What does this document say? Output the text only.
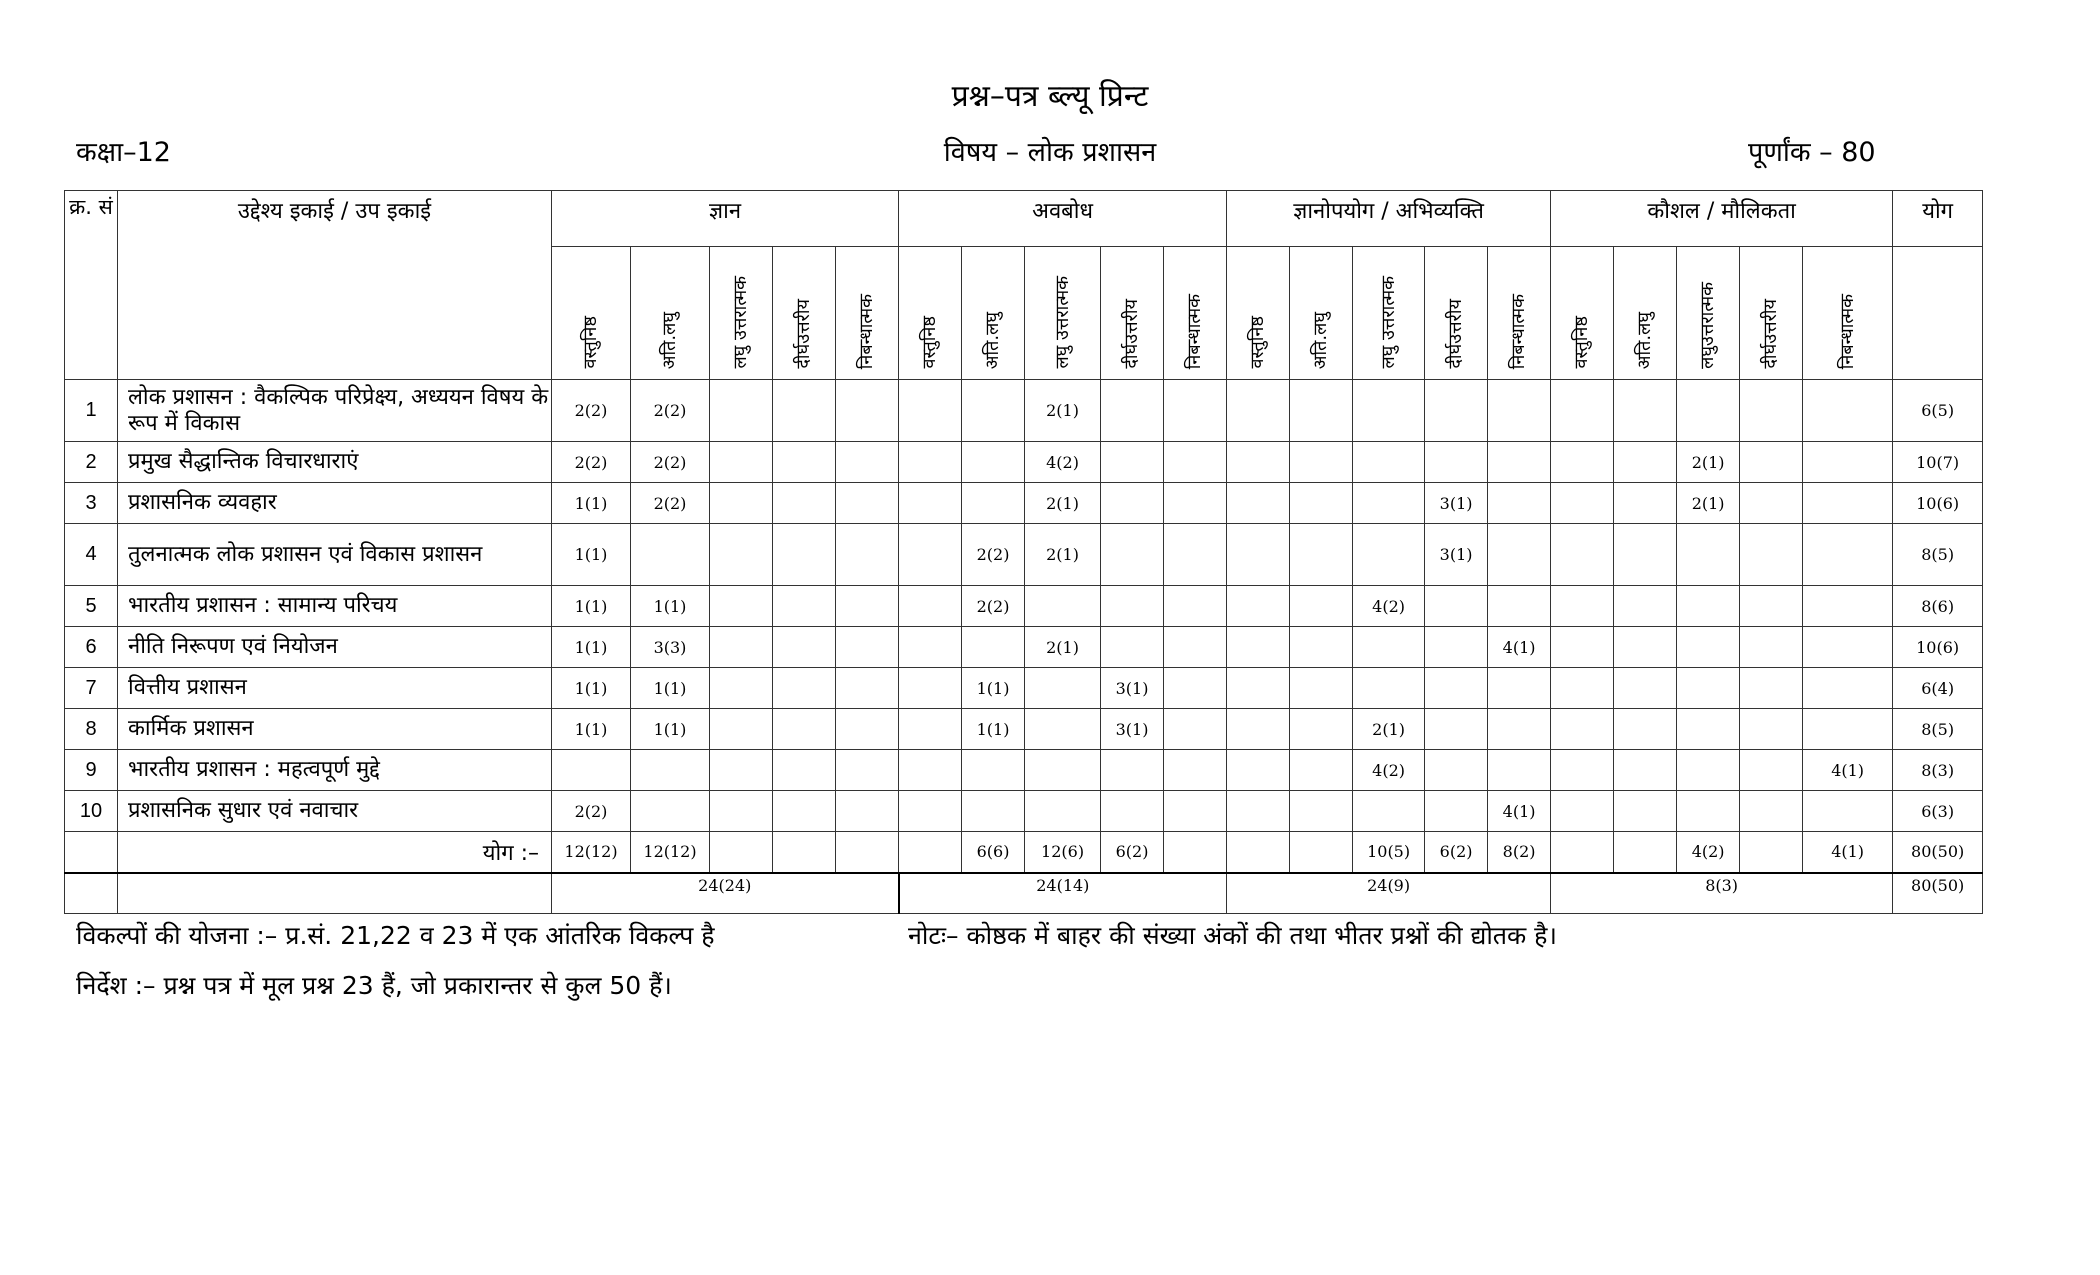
प्रश्न–पत्र ब्ल्यू प्रिन्ट
कक्षा–12	विषय – लोक प्रशासन	पूर्णांक – 80
क्र. सं	उद्देश्य इकाई / उप इकाई	ज्ञान					अवबोध					ज्ञानोपयोग / अभिव्यक्ति					कौशल / मौलिकता					योग
		वस्तुनिष्ठ	अति.लघु	लघु उत्तरात्मक	दीर्घउत्तरीय	निबन्धात्मक	वस्तुनिष्ठ	अति.लघु	लघु उत्तरात्मक	दीर्घउत्तरीय	निबन्धात्मक	वस्तुनिष्ठ	अति.लघु	लघु उत्तरात्मक	दीर्घउत्तरीय	निबन्धात्मक	वस्तुनिष्ठ	अति.लघु	लघुउत्तरात्मक	दीर्घउत्तरीय	निबन्धात्मक	
1	लोक प्रशासन : वैकल्पिक परिप्रेक्ष्य, अध्ययन विषय के रूप में विकास	2(2)	2(2)						2(1)													6(5)
2	प्रमुख सैद्धान्तिक विचारधाराएं	2(2)	2(2)						4(2)										2(1)			10(7)
3	प्रशासनिक व्यवहार	1(1)	2(2)						2(1)						3(1)				2(1)			10(6)
4	तुलनात्मक लोक प्रशासन एवं विकास प्रशासन	1(1)						2(2)	2(1)						3(1)							8(5)
5	भारतीय प्रशासन : सामान्य परिचय	1(1)	1(1)					2(2)						4(2)								8(6)
6	नीति निरूपण एवं नियोजन	1(1)	3(3)						2(1)							4(1)						10(6)
7	वित्तीय प्रशासन	1(1)	1(1)					1(1)		3(1)												6(4)
8	कार्मिक प्रशासन	1(1)	1(1)					1(1)		3(1)				2(1)								8(5)
9	भारतीय प्रशासन : महत्वपूर्ण मुद्दे													4(2)							4(1)	8(3)
10	प्रशासनिक सुधार एवं नवाचार	2(2)														4(1)						6(3)
	योग :–	12(12)	12(12)					6(6)	12(6)	6(2)				10(5)	6(2)	8(2)			4(2)		4(1)	80(50)
		24(24)					24(14)					24(9)					8(3)					80(50)
विकल्पों की योजना :– प्र.सं. 21,22 व 23 में एक आंतरिक विकल्प है	नोटः– कोष्ठक में बाहर की संख्या अंकों की तथा भीतर प्रश्नों की द्योतक है।
निर्देश :– प्रश्न पत्र में मूल प्रश्न 23 हैं, जो प्रकारान्तर से कुल 50 हैं।
